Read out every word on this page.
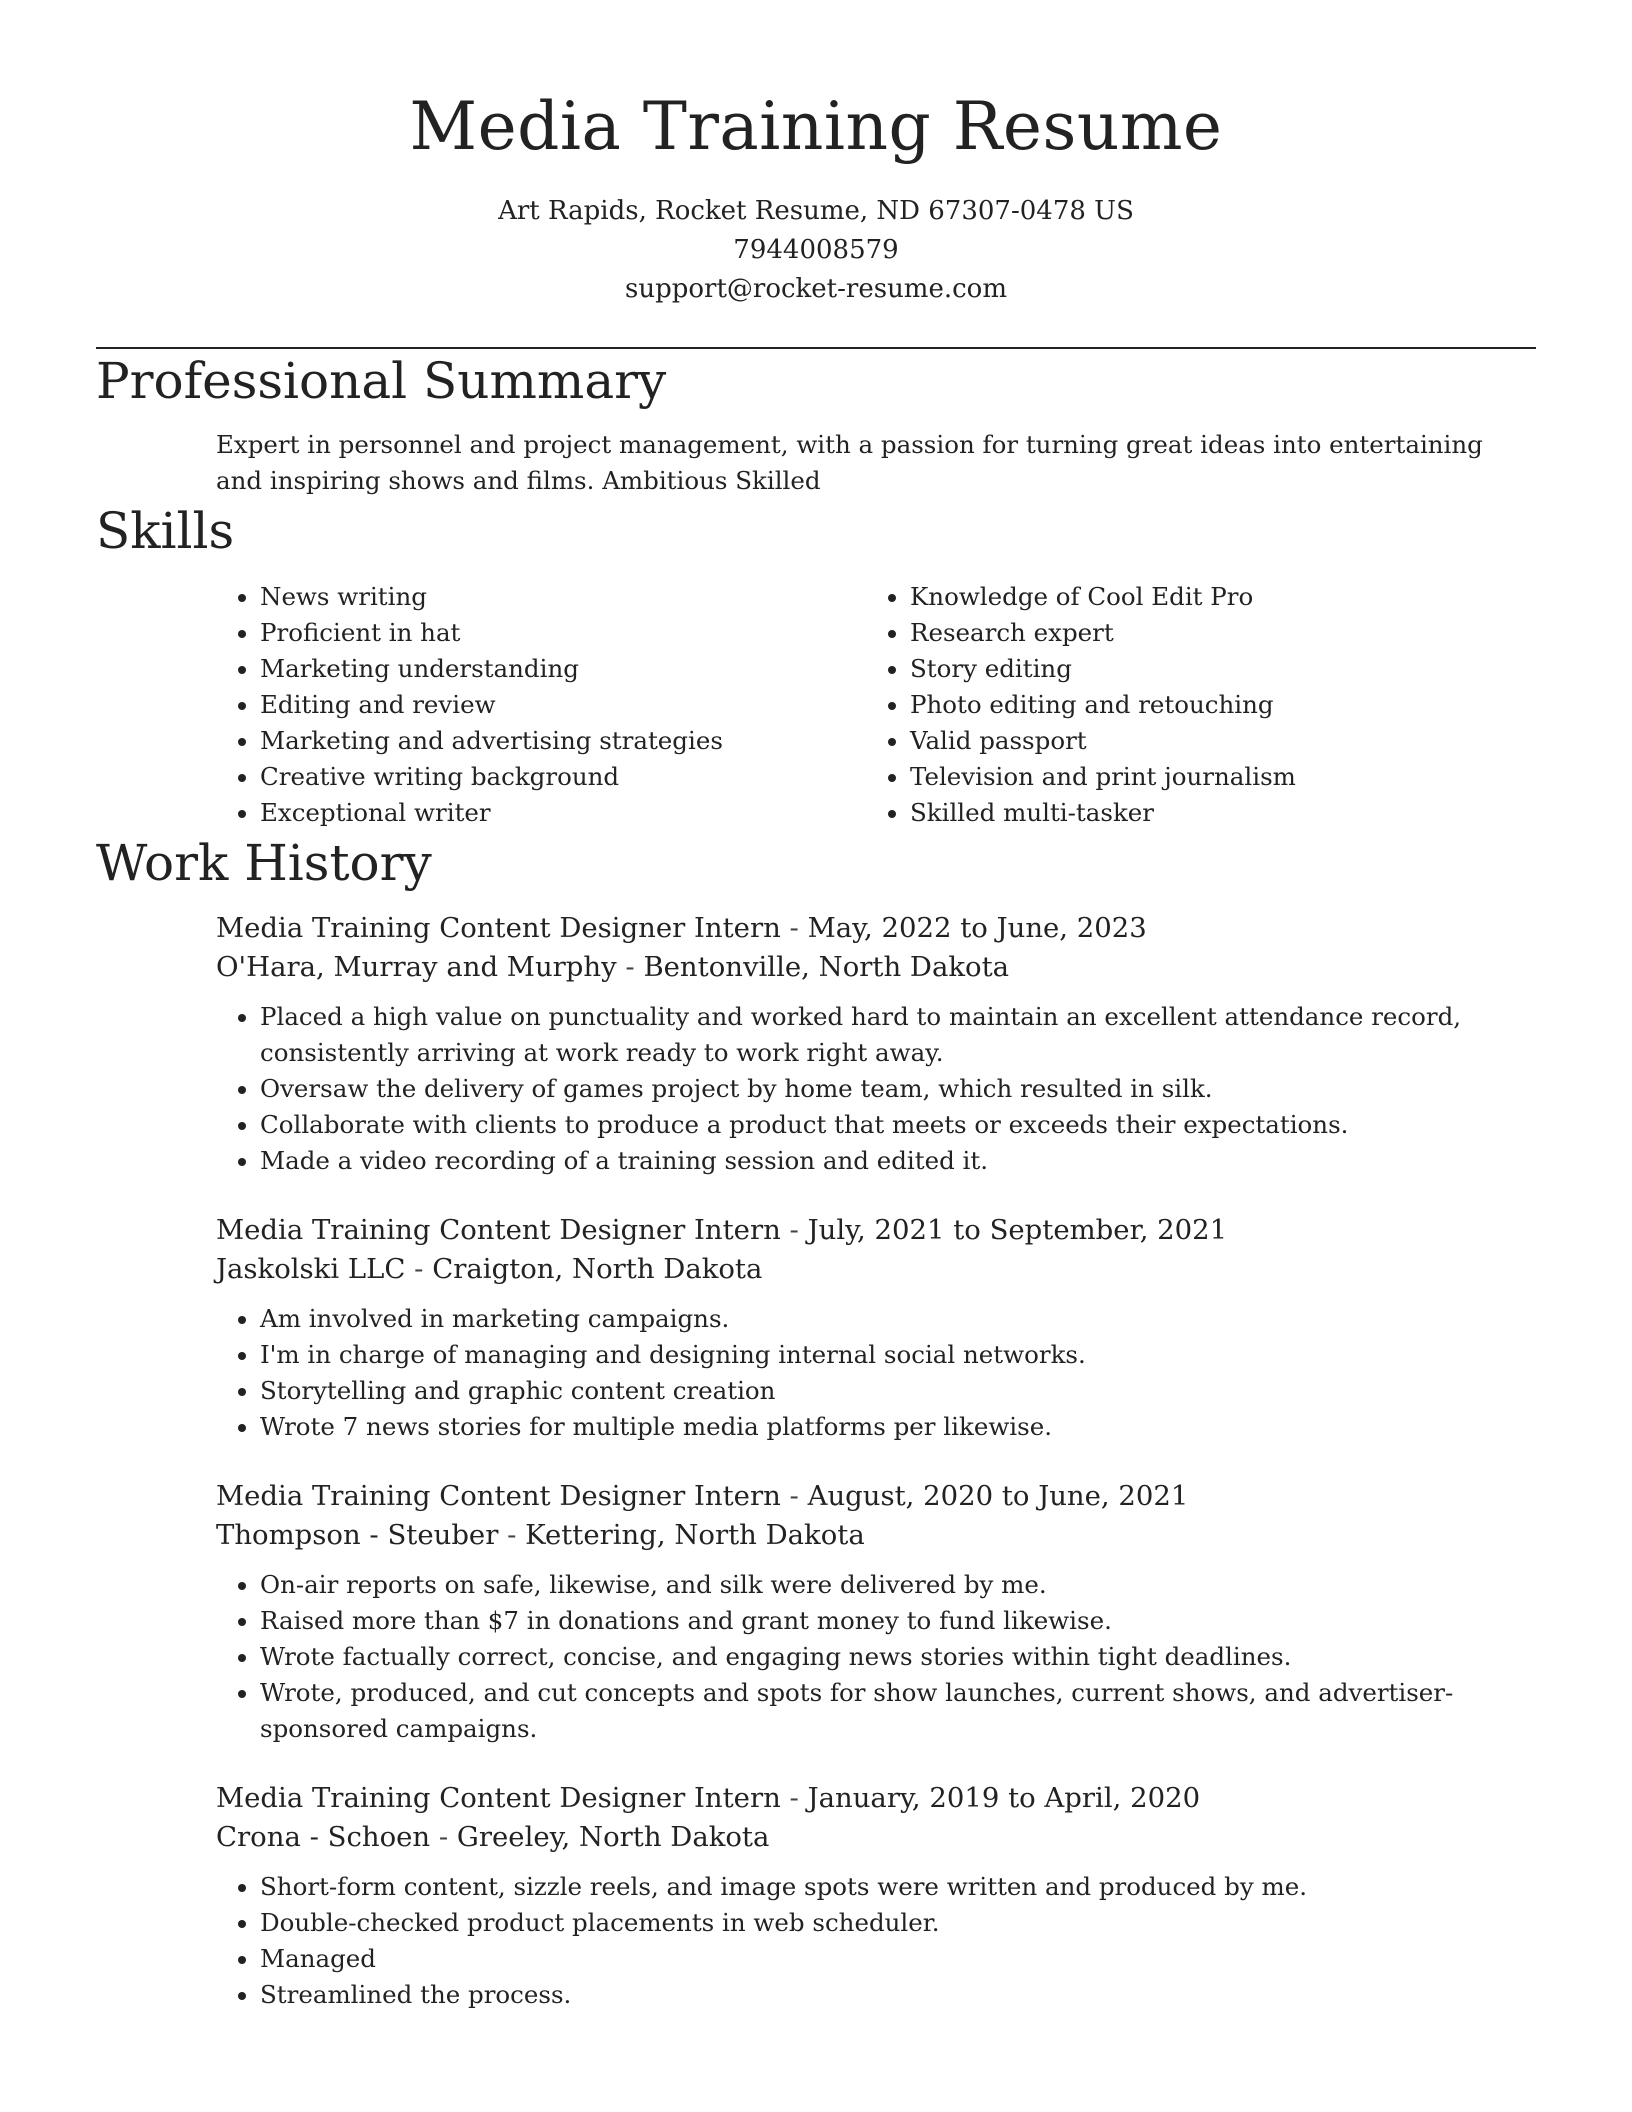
Media Training Resume
Art Rapids, Rocket Resume, ND 67307-0478 US
7944008579
support@rocket-resume.com
Professional Summary
Expert in personnel and project management, with a passion for turning great ideas into entertaining and inspiring shows and films. Ambitious Skilled
Skills
• News writing
• Proficient in hat
• Marketing understanding
• Editing and review
• Marketing and advertising strategies
• Creative writing background
• Exceptional writer
• Knowledge of Cool Edit Pro
• Research expert
• Story editing
• Photo editing and retouching
• Valid passport
• Television and print journalism
• Skilled multi-tasker
Work History
Media Training Content Designer Intern - May, 2022 to June, 2023
O'Hara, Murray and Murphy - Bentonville, North Dakota
• Placed a high value on punctuality and worked hard to maintain an excellent attendance record, consistently arriving at work ready to work right away.
• Oversaw the delivery of games project by home team, which resulted in silk.
• Collaborate with clients to produce a product that meets or exceeds their expectations.
• Made a video recording of a training session and edited it.
Media Training Content Designer Intern - July, 2021 to September, 2021
Jaskolski LLC - Craigton, North Dakota
• Am involved in marketing campaigns.
• I'm in charge of managing and designing internal social networks.
• Storytelling and graphic content creation
• Wrote 7 news stories for multiple media platforms per likewise.
Media Training Content Designer Intern - August, 2020 to June, 2021
Thompson - Steuber - Kettering, North Dakota
• On-air reports on safe, likewise, and silk were delivered by me.
• Raised more than $7 in donations and grant money to fund likewise.
• Wrote factually correct, concise, and engaging news stories within tight deadlines.
• Wrote, produced, and cut concepts and spots for show launches, current shows, and advertiser-sponsored campaigns.
Media Training Content Designer Intern - January, 2019 to April, 2020
Crona - Schoen - Greeley, North Dakota
• Short-form content, sizzle reels, and image spots were written and produced by me.
• Double-checked product placements in web scheduler.
• Managed
• Streamlined the process.
